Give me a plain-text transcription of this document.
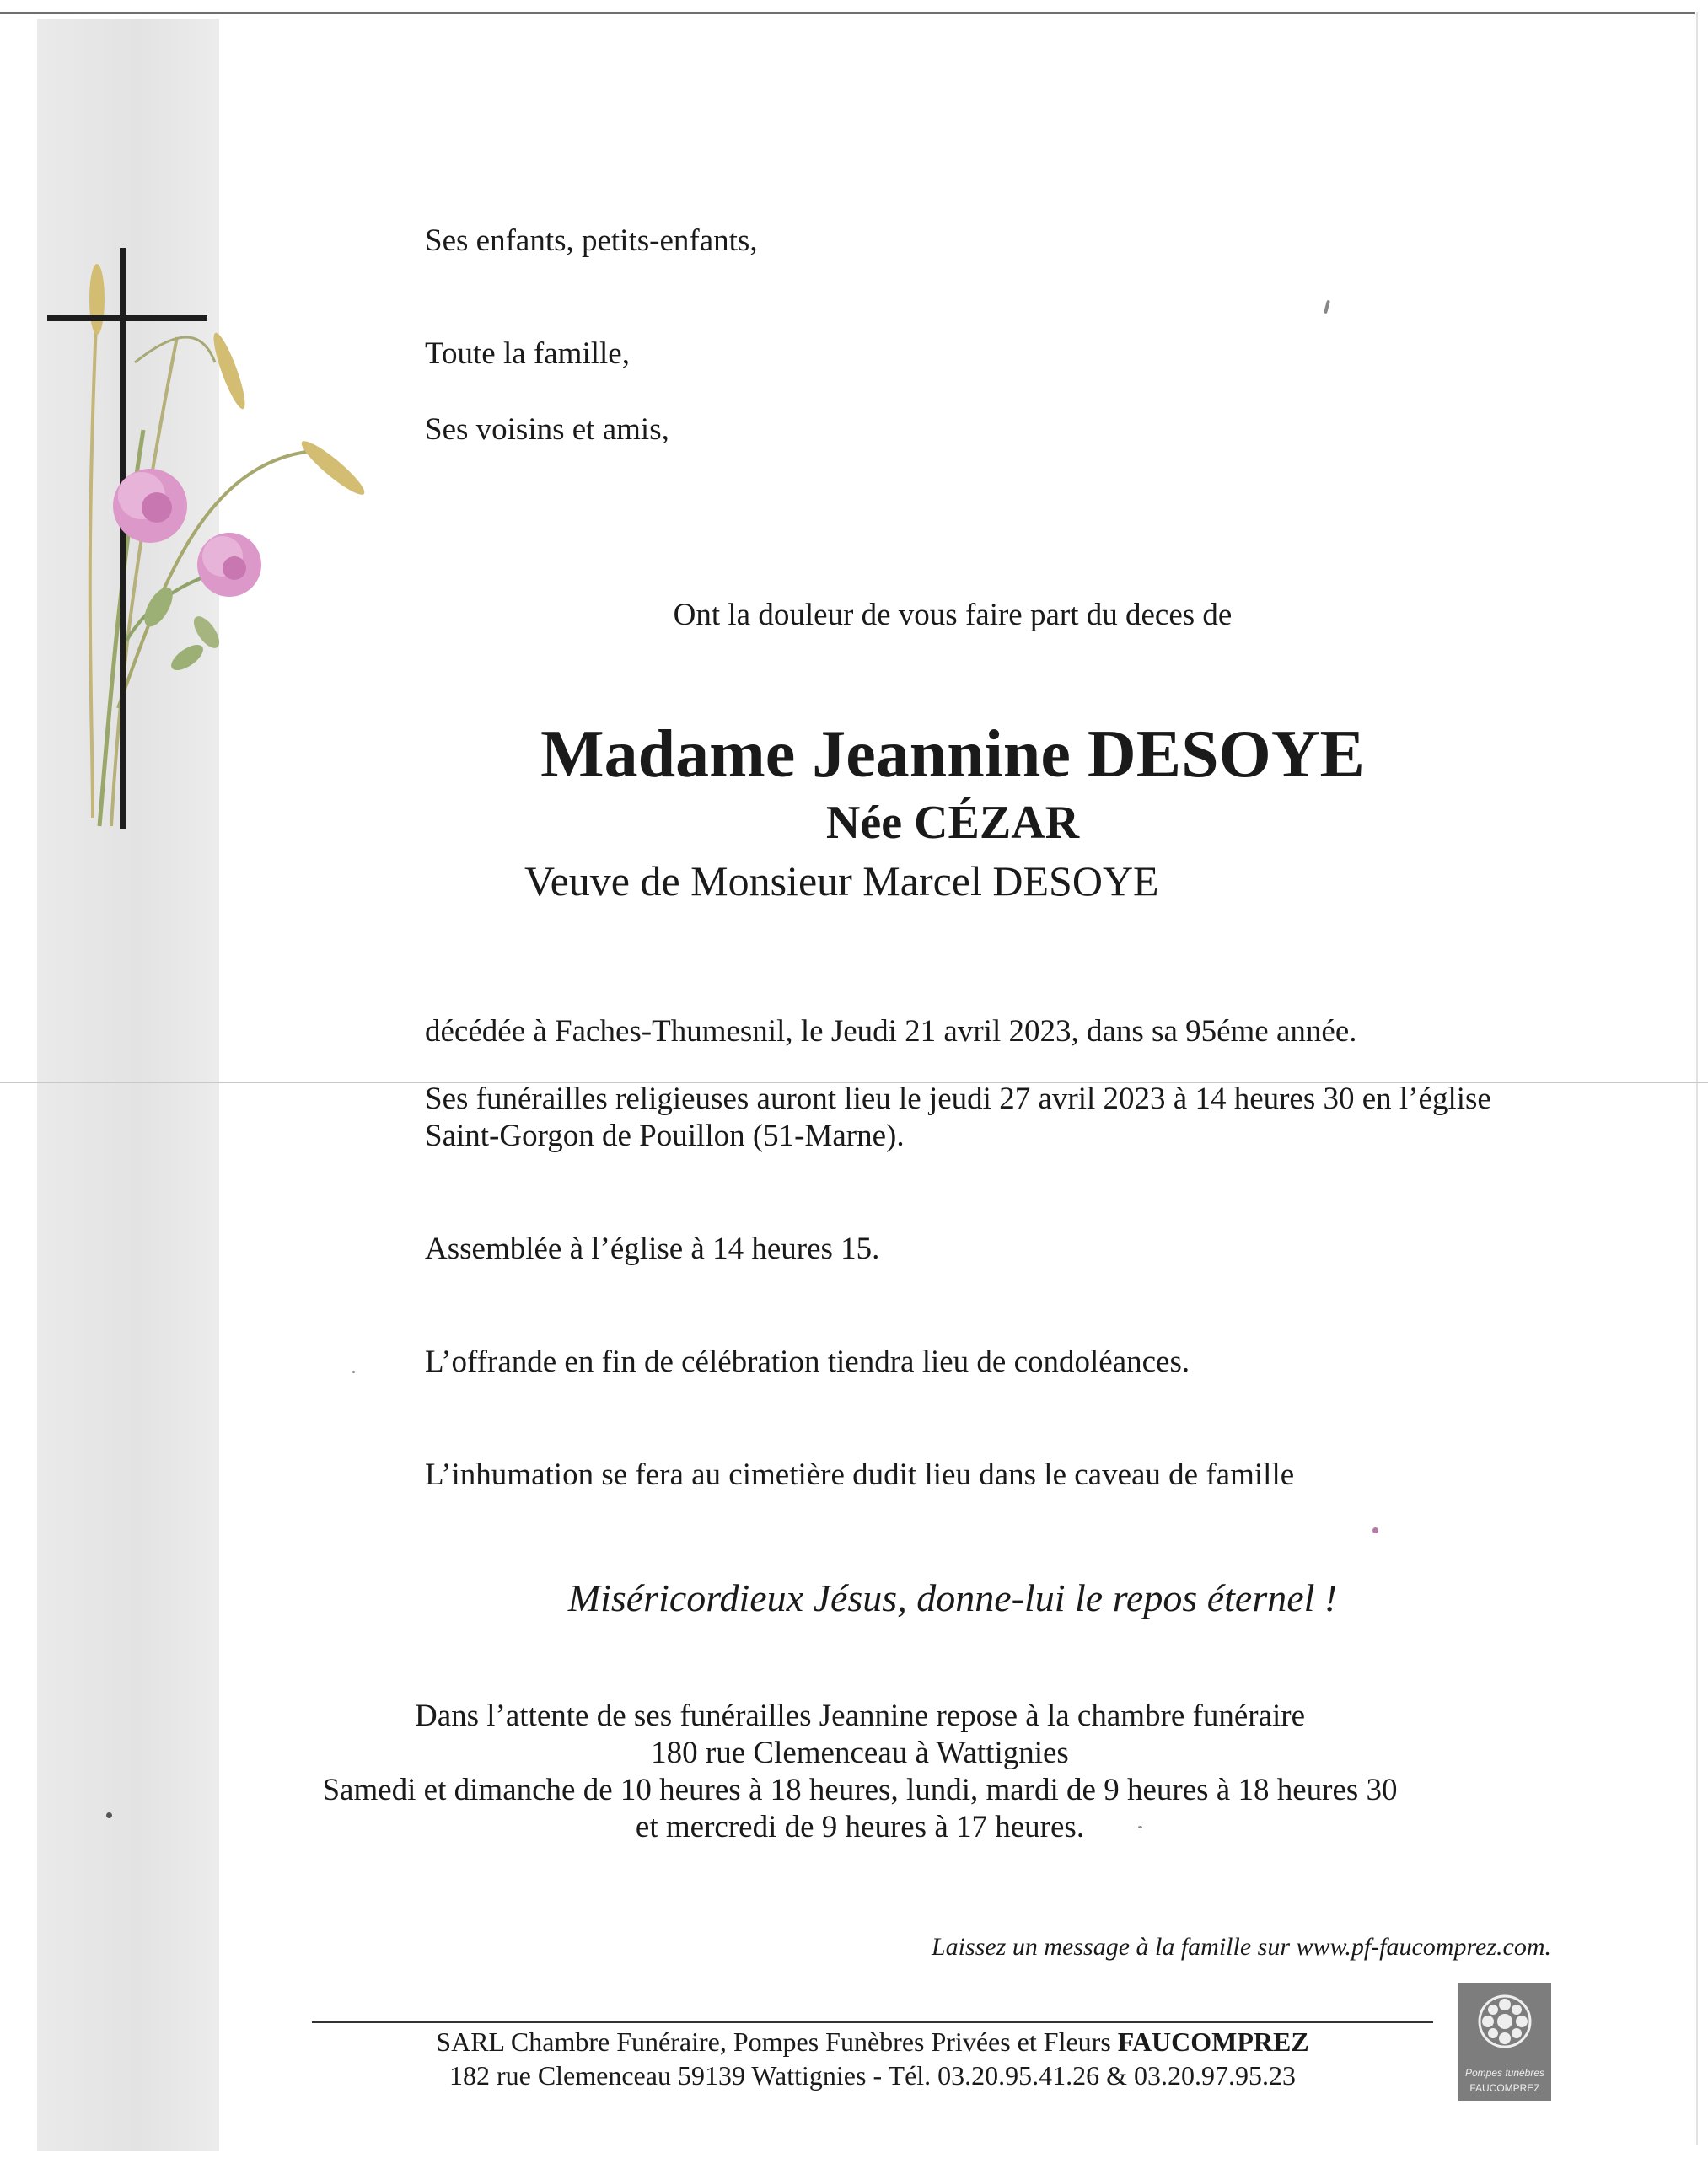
Ses enfants, petits-enfants,
Toute la famille,
Ses voisins et amis,
Ont la douleur de vous faire part du deces de
Madame Jeannine DESOYE
Née CÉZAR
Veuve de Monsieur Marcel DESOYE
décédée à Faches-Thumesnil, le Jeudi 21 avril 2023, dans sa 95éme année.
Ses funérailles religieuses auront lieu le jeudi 27 avril 2023 à 14 heures 30 en l’église
Saint-Gorgon de Pouillon (51-Marne).
Assemblée à l’église à 14 heures 15.
L’offrande en fin de célébration tiendra lieu de condoléances.
L’inhumation se fera au cimetière dudit lieu dans le caveau de famille
Miséricordieux Jésus, donne-lui le repos éternel !
Dans l’attente de ses funérailles Jeannine repose à la chambre funéraire
180 rue Clemenceau à Wattignies
Samedi et dimanche de 10 heures à 18 heures, lundi, mardi de 9 heures à 18 heures 30
et mercredi de 9 heures à 17 heures.
Laissez un message à la famille sur www.pf-faucomprez.com.
SARL Chambre Funéraire, Pompes Funèbres Privées et Fleurs FAUCOMPREZ
182 rue Clemenceau 59139 Wattignies - Tél. 03.20.95.41.26 & 03.20.97.95.23	Pompes funèbres
FAUCOMPREZ
